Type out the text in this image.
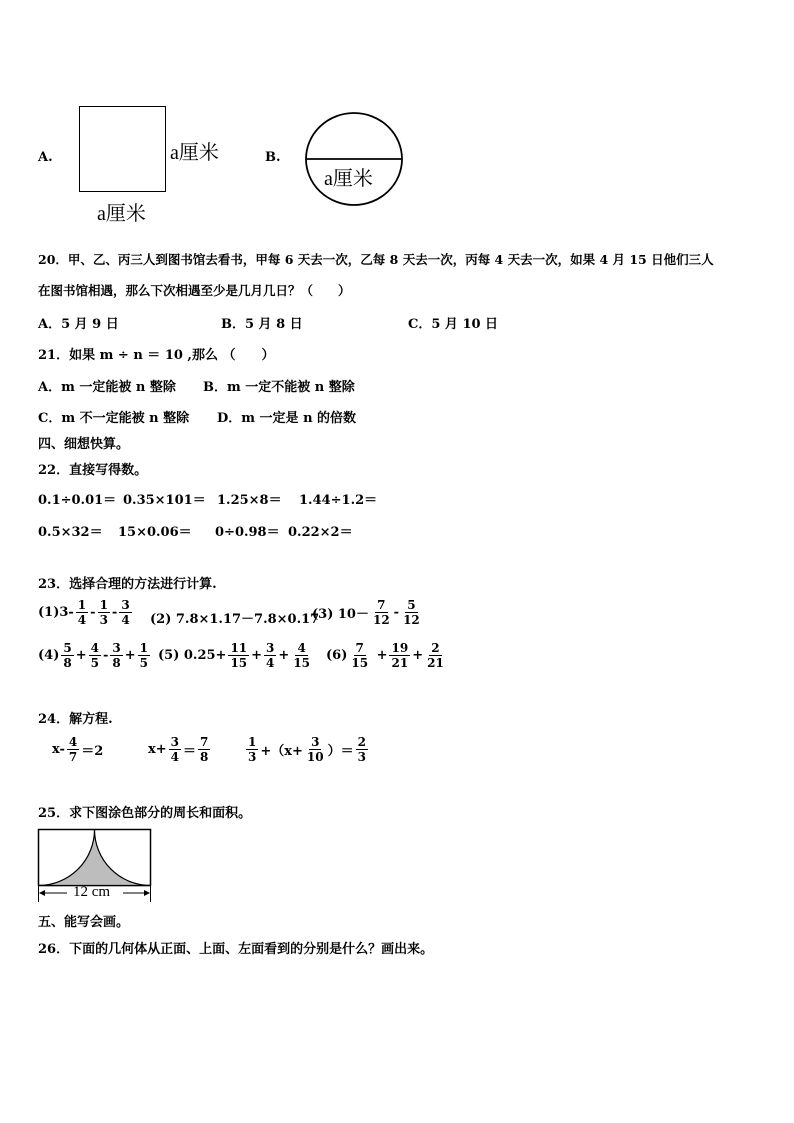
A.	a厘米
a厘米
B.
a厘米
20．甲、乙、丙三人到图书馆去看书，甲每 6 天去一次，乙每 8 天去一次，丙每 4 天去一次，如果 4 月 15 日他们三人
在图书馆相遇，那么下次相遇至少是几月几日？（　　）
A．5 月 9 日	B．5 月 8 日	C．5 月 10 日
21．如果 m ÷ n ＝ 10 ,那么 （　　）
A．m 一定能被 n 整除 B．m 一定不能被 n 整除
C．m 不一定能被 n 整除 D．m 一定是 n 的倍数
四、细想快算。
22．直接写得数。
0.1÷0.01＝ 0.35×101＝ 1.25×8＝ 1.44÷1.2＝
0.5×32＝ 15×0.06＝ 0÷0.98＝ 0.22×2＝
23．选择合理的方法进行计算.
$(1)3- \frac{1}{4} - \frac{1}{3} - \frac{3}{4} (2)$ 7.8×1.17－7.8×0.17
(3) $10- \frac{7}{12} - \frac{5}{12}$
$(4) \frac{5}{8} + \frac{4}{5} - \frac{3}{8} + \frac{1}{5} (5)$ $0.25+ \frac{11}{15} + \frac{3}{4} + \frac{4}{15} (6) \frac{7}{15} + \frac{19}{21} + \frac{2}{21}$
24．解方程.
$x- \frac{4}{7} =2$	$x+ \frac{3}{4} = \frac{7}{8}$	$\frac{1}{3} +(x+ \frac{3}{10}$ ）＝ $\frac{2}{3}$
25．求下图涂色部分的周长和面积。
12 cm
五、能写会画。
26．下面的几何体从正面、上面、左面看到的分别是什么？画出来。
